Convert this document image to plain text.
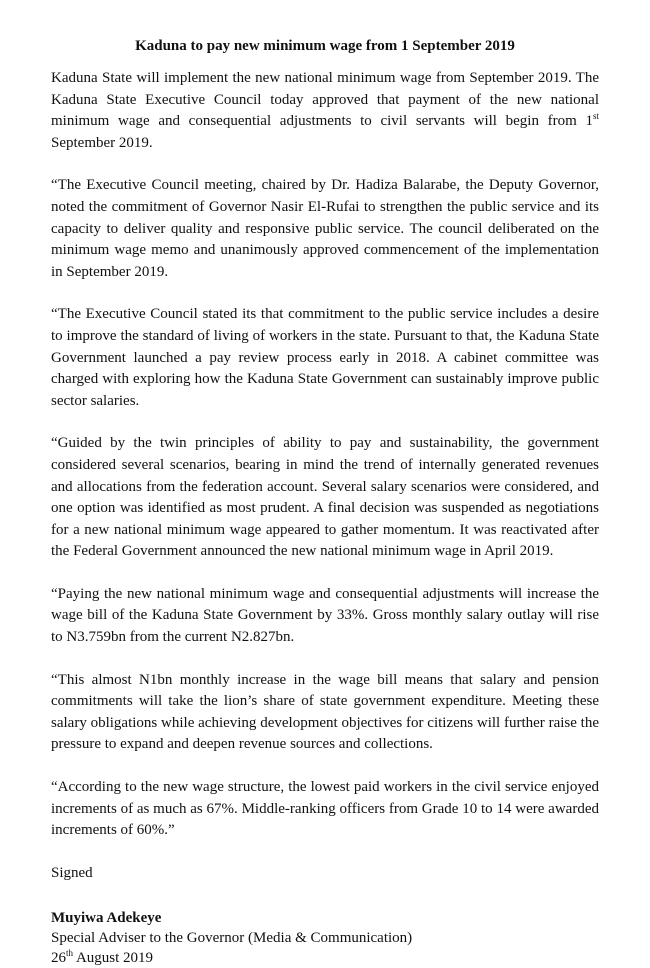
Kaduna to pay new minimum wage from 1 September 2019

Kaduna State will implement the new national minimum wage from September 2019. The Kaduna State Executive Council today approved that payment of the new national minimum wage and consequential adjustments to civil servants will begin from 1st September 2019.

“The Executive Council meeting, chaired by Dr. Hadiza Balarabe, the Deputy Governor, noted the commitment of Governor Nasir El-Rufai to strengthen the public service and its capacity to deliver quality and responsive public service. The council deliberated on the minimum wage memo and unanimously approved commencement of the implementation in September 2019.

“The Executive Council stated its that commitment to the public service includes a desire to improve the standard of living of workers in the state. Pursuant to that, the Kaduna State Government launched a pay review process early in 2018. A cabinet committee was charged with exploring how the Kaduna State Government can sustainably improve public sector salaries.

“Guided by the twin principles of ability to pay and sustainability, the government considered several scenarios, bearing in mind the trend of internally generated revenues and allocations from the federation account. Several salary scenarios were considered, and one option was identified as most prudent. A final decision was suspended as negotiations for a new national minimum wage appeared to gather momentum. It was reactivated after the Federal Government announced the new national minimum wage in April 2019.

“Paying the new national minimum wage and consequential adjustments will increase the wage bill of the Kaduna State Government by 33%. Gross monthly salary outlay will rise to N3.759bn from the current N2.827bn.

“This almost N1bn monthly increase in the wage bill means that salary and pension commitments will take the lion’s share of state government expenditure. Meeting these salary obligations while achieving development objectives for citizens will further raise the pressure to expand and deepen revenue sources and collections.

“According to the new wage structure, the lowest paid workers in the civil service enjoyed increments of as much as 67%. Middle-ranking officers from Grade 10 to 14 were awarded increments of 60%.”

Signed

Muyiwa Adekeye

Special Adviser to the Governor (Media & Communication)

26th August 2019
